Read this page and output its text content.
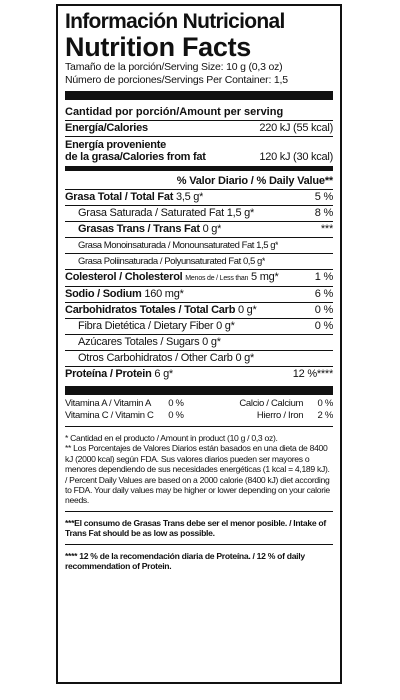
Información Nutricional
Nutrition Facts
Tamaño de la porción/Serving Size: 10 g (0,3 oz)
Número de porciones/Servings Per Container: 1,5
Cantidad por porción/Amount per serving
Energía/Calories	220 kJ (55 kcal)
Energía proveniente
de la grasa/Calories from fat	120 kJ (30 kcal)
% Valor Diario / % Daily Value**
Grasa Total / Total Fat 3,5 g*	5 %
Grasa Saturada / Saturated Fat 1,5 g*	8 %
Grasas Trans / Trans Fat 0 g*	***
Grasa Monoinsaturada / Monounsaturated Fat 1,5 g*
Grasa Poliinsaturada / Polyunsaturated Fat 0,5 g*
Colesterol / Cholesterol Menos de / Less than 5 mg*	1 %
Sodio / Sodium 160 mg*	6 %
Carbohidratos Totales / Total Carb 0 g*	0 %
Fibra Dietética / Dietary Fiber 0 g*	0 %
Azúcares Totales / Sugars 0 g*
Otros Carbohidratos / Other Carb 0 g*
Proteína / Protein 6 g*	12 %****
Vitamina A / Vitamin A	0 %	Calcio / Calcium	0 %
Vitamina C / Vitamin C	0 %	Hierro / Iron	2 %
* Cantidad en el producto / Amount in product (10 g / 0,3 oz).
** Los Porcentajes de Valores Diarios están basados en una dieta de 8400 kJ (2000 kcal) según FDA. Sus valores diarios pueden ser mayores o menores dependiendo de sus necesidades energéticas (1 kcal = 4,189 kJ). / Percent Daily Values are based on a 2000 calorie (8400 kJ) diet according to FDA. Your daily values may be higher or lower depending on your calorie needs.
***El consumo de Grasas Trans debe ser el menor posible. / Intake of Trans Fat should be as low as possible.
**** 12 % de la recomendación diaria de Proteína. / 12 % of daily recommendation of Protein.
